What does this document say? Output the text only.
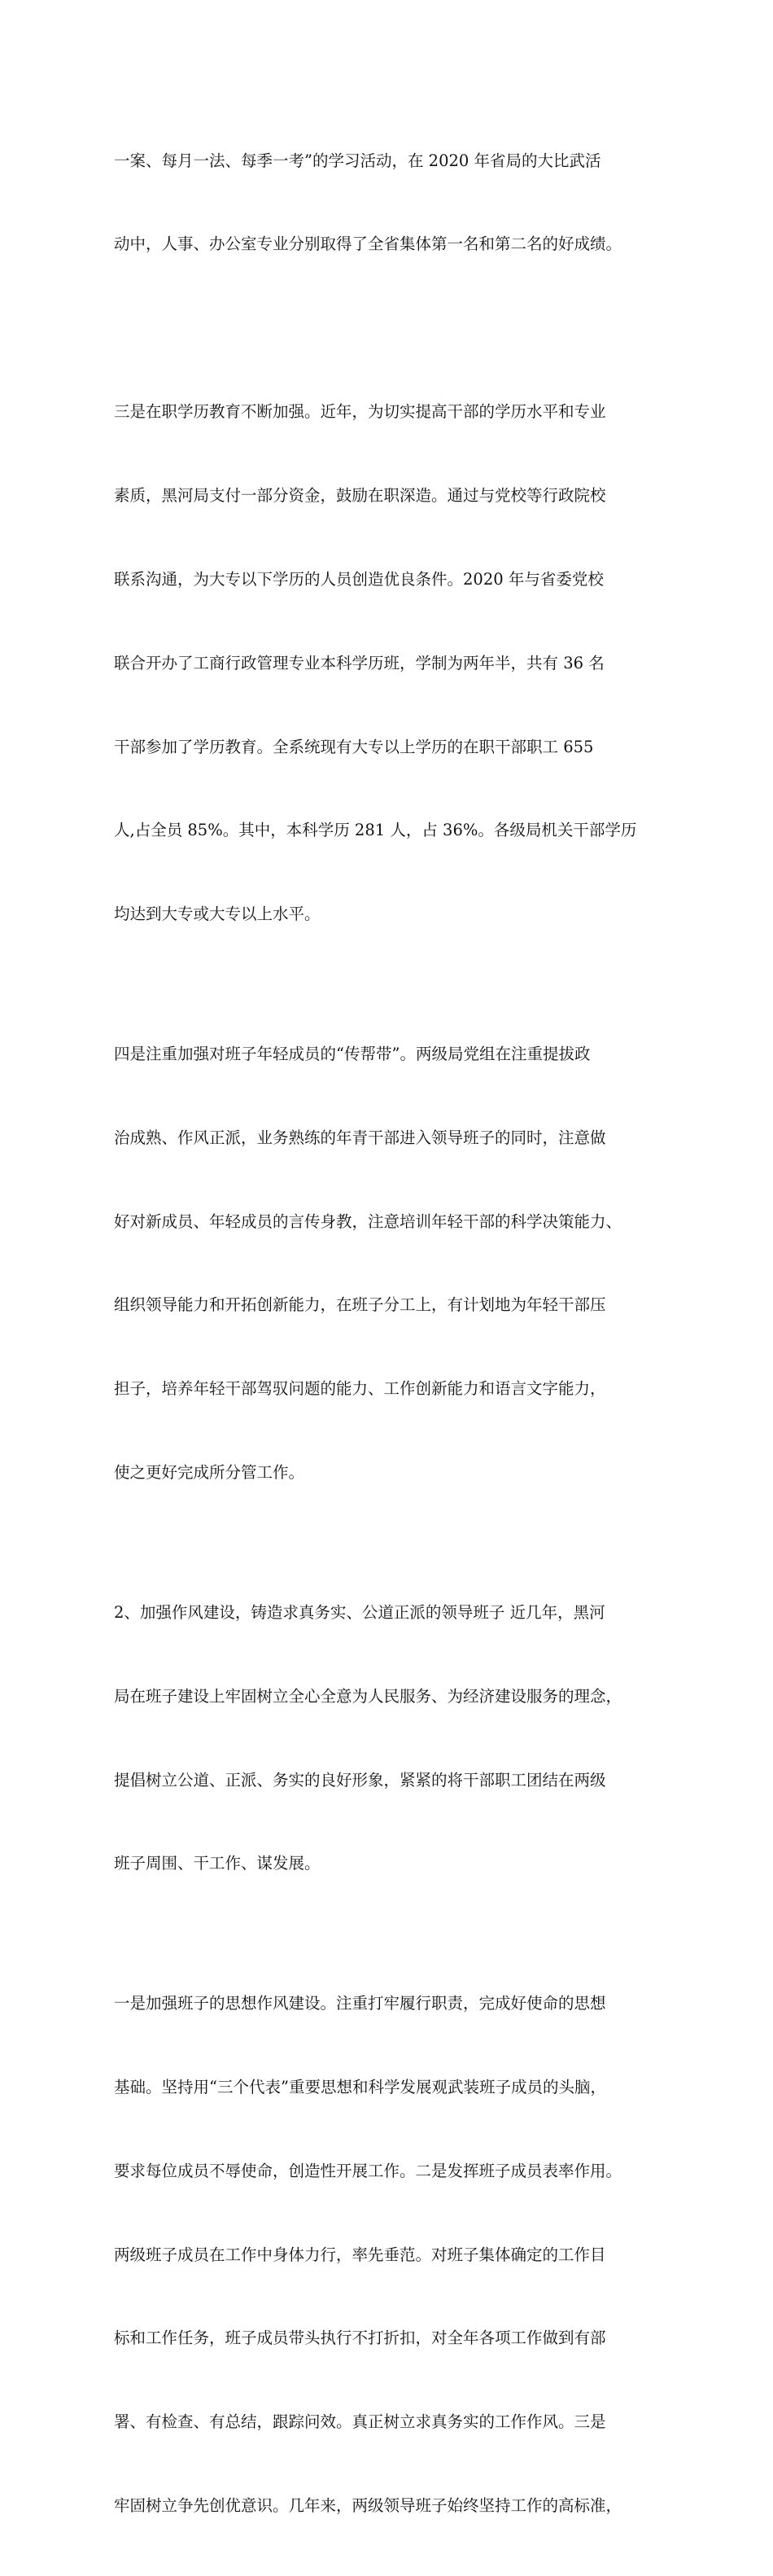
一案、每月一法、每季一考”的学习活动，在 2020 年省局的大比武活

动中，人事、办公室专业分别取得了全省集体第一名和第二名的好成绩。

三是在职学历教育不断加强。近年，为切实提高干部的学历水平和专业

素质，黑河局支付一部分资金，鼓励在职深造。通过与党校等行政院校

联系沟通，为大专以下学历的人员创造优良条件。2020 年与省委党校

联合开办了工商行政管理专业本科学历班，学制为两年半，共有 36 名

干部参加了学历教育。全系统现有大专以上学历的在职干部职工 655

人,占全员 85%。其中，本科学历 281 人，占 36%。各级局机关干部学历

均达到大专或大专以上水平。

四是注重加强对班子年轻成员的“传帮带”。两级局党组在注重提拔政

治成熟、作风正派，业务熟练的年青干部进入领导班子的同时，注意做

好对新成员、年轻成员的言传身教，注意培训年轻干部的科学决策能力、

组织领导能力和开拓创新能力，在班子分工上，有计划地为年轻干部压

担子，培养年轻干部驾驭问题的能力、工作创新能力和语言文字能力，

使之更好完成所分管工作。

2、加强作风建设，铸造求真务实、公道正派的领导班子 近几年，黑河

局在班子建设上牢固树立全心全意为人民服务、为经济建设服务的理念，

提倡树立公道、正派、务实的良好形象，紧紧的将干部职工团结在两级

班子周围、干工作、谋发展。

一是加强班子的思想作风建设。注重打牢履行职责，完成好使命的思想

基础。坚持用“三个代表”重要思想和科学发展观武装班子成员的头脑，

要求每位成员不辱使命，创造性开展工作。二是发挥班子成员表率作用。

两级班子成员在工作中身体力行，率先垂范。对班子集体确定的工作目

标和工作任务，班子成员带头执行不打折扣，对全年各项工作做到有部

署、有检查、有总结，跟踪问效。真正树立求真务实的工作作风。三是

牢固树立争先创优意识。几年来，两级领导班子始终坚持工作的高标准，
